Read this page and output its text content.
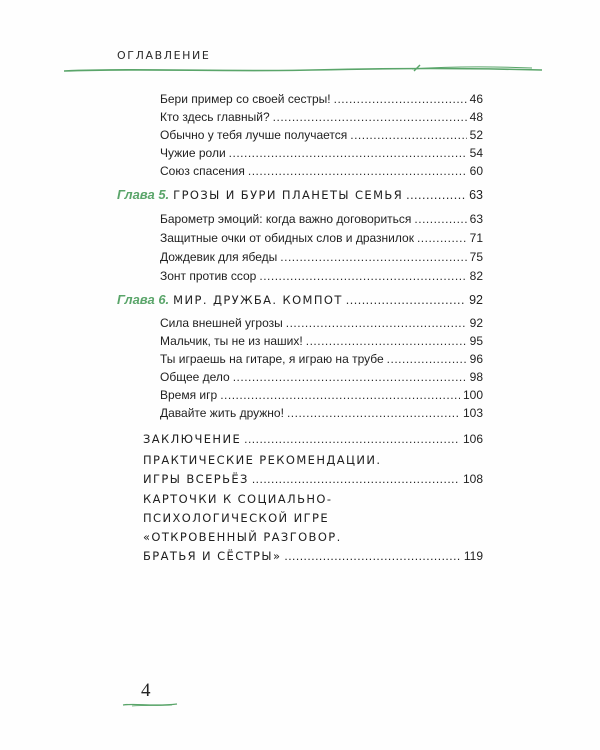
ОГЛАВЛЕНИЕ
Бери пример со своей сестры! .....	46
Кто здесь главный? .....	48
Обычно у тебя лучше получается .....	52
Чужие роли .....	54
Союз спасения .....	60
Глава 5. ГРОЗЫ И БУРИ ПЛАНЕТЫ СЕМЬЯ .....	63
Барометр эмоций: когда важно договориться .....	63
Защитные очки от обидных слов и дразнилок .....	71
Дождевик для ябеды .....	75
Зонт против ссор .....	82
Глава 6. МИР. ДРУЖБА. КОМПОТ .....	92
Сила внешней угрозы .....	92
Мальчик, ты не из наших! .....	95
Ты играешь на гитаре, я играю на трубе .....	96
Общее дело .....	98
Время игр .....	100
Давайте жить дружно! .....	103
ЗАКЛЮЧЕНИЕ .....	106
ПРАКТИЧЕСКИЕ РЕКОМЕНДАЦИИ.
ИГРЫ ВСЕРЬЁЗ .....	108
КАРТОЧКИ К СОЦИАЛЬНО-
ПСИХОЛОГИЧЕСКОЙ ИГРЕ
«ОТКРОВЕННЫЙ РАЗГОВОР.
БРАТЬЯ И СЁСТРЫ» .....	119
4
